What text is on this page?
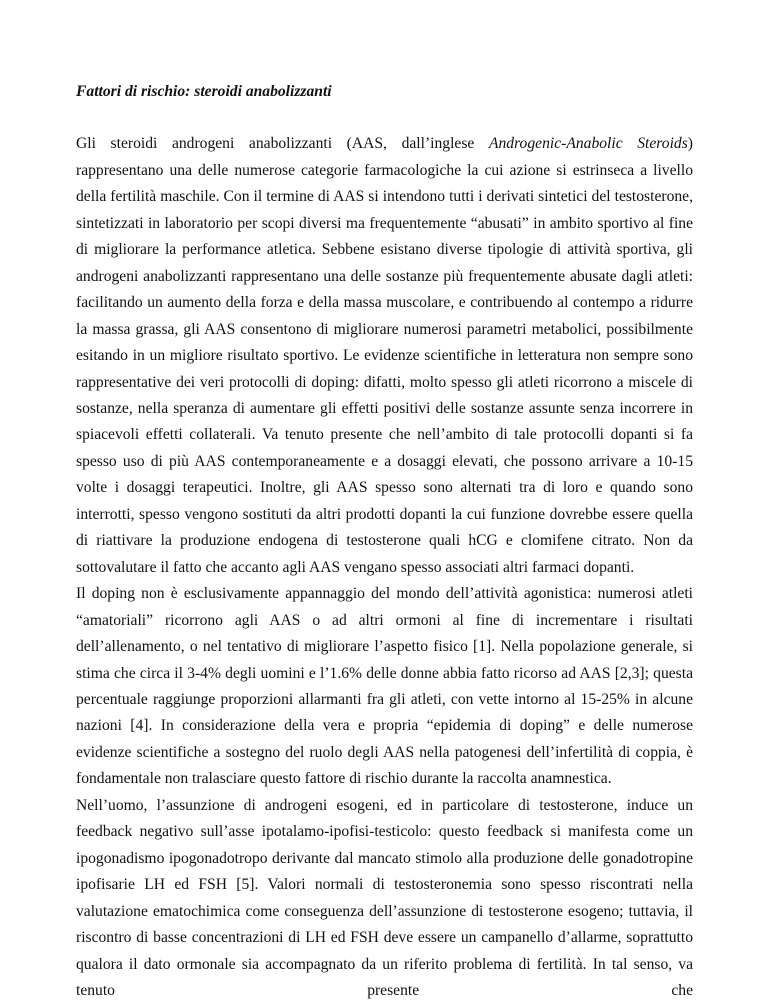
Fattori di rischio: steroidi anabolizzanti

Gli steroidi androgeni anabolizzanti (AAS, dall’inglese Androgenic-Anabolic Steroids) rappresentano una delle numerose categorie farmacologiche la cui azione si estrinseca a livello della fertilità maschile. Con il termine di AAS si intendono tutti i derivati sintetici del testosterone, sintetizzati in laboratorio per scopi diversi ma frequentemente “abusati” in ambito sportivo al fine di migliorare la performance atletica. Sebbene esistano diverse tipologie di attività sportiva, gli androgeni anabolizzanti rappresentano una delle sostanze più frequentemente abusate dagli atleti: facilitando un aumento della forza e della massa muscolare, e contribuendo al contempo a ridurre la massa grassa, gli AAS consentono di migliorare numerosi parametri metabolici, possibilmente esitando in un migliore risultato sportivo. Le evidenze scientifiche in letteratura non sempre sono rappresentative dei veri protocolli di doping: difatti, molto spesso gli atleti ricorrono a miscele di sostanze, nella speranza di aumentare gli effetti positivi delle sostanze assunte senza incorrere in spiacevoli effetti collaterali. Va tenuto presente che nell’ambito di tale protocolli dopanti si fa spesso uso di più AAS contemporaneamente e a dosaggi elevati, che possono arrivare a 10-15 volte i dosaggi terapeutici. Inoltre, gli AAS spesso sono alternati tra di loro e quando sono interrotti, spesso vengono sostituti da altri prodotti dopanti la cui funzione dovrebbe essere quella di riattivare la produzione endogena di testosterone quali hCG e clomifene citrato. Non da sottovalutare il fatto che accanto agli AAS vengano spesso associati altri farmaci dopanti.

Il doping non è esclusivamente appannaggio del mondo dell’attività agonistica: numerosi atleti “amatoriali” ricorrono agli AAS o ad altri ormoni al fine di incrementare i risultati dell’allenamento, o nel tentativo di migliorare l’aspetto fisico [1]. Nella popolazione generale, si stima che circa il 3-4% degli uomini e l’1.6% delle donne abbia fatto ricorso ad AAS [2,3]; questa percentuale raggiunge proporzioni allarmanti fra gli atleti, con vette intorno al 15-25% in alcune nazioni [4]. In considerazione della vera e propria “epidemia di doping” e delle numerose evidenze scientifiche a sostegno del ruolo degli AAS nella patogenesi dell’infertilità di coppia, è fondamentale non tralasciare questo fattore di rischio durante la raccolta anamnestica.

Nell’uomo, l’assunzione di androgeni esogeni, ed in particolare di testosterone, induce un feedback negativo sull’asse ipotalamo-ipofisi-testicolo: questo feedback si manifesta come un ipogonadismo ipogonadotropo derivante dal mancato stimolo alla produzione delle gonadotropine ipofisarie LH ed FSH [5]. Valori normali di testosteronemia sono spesso riscontrati nella valutazione ematochimica come conseguenza dell’assunzione di testosterone esogeno; tuttavia, il riscontro di basse concentrazioni di LH ed FSH deve essere un campanello d’allarme, soprattutto qualora il dato ormonale sia accompagnato da un riferito problema di fertilità. In tal senso, va tenuto presente che
